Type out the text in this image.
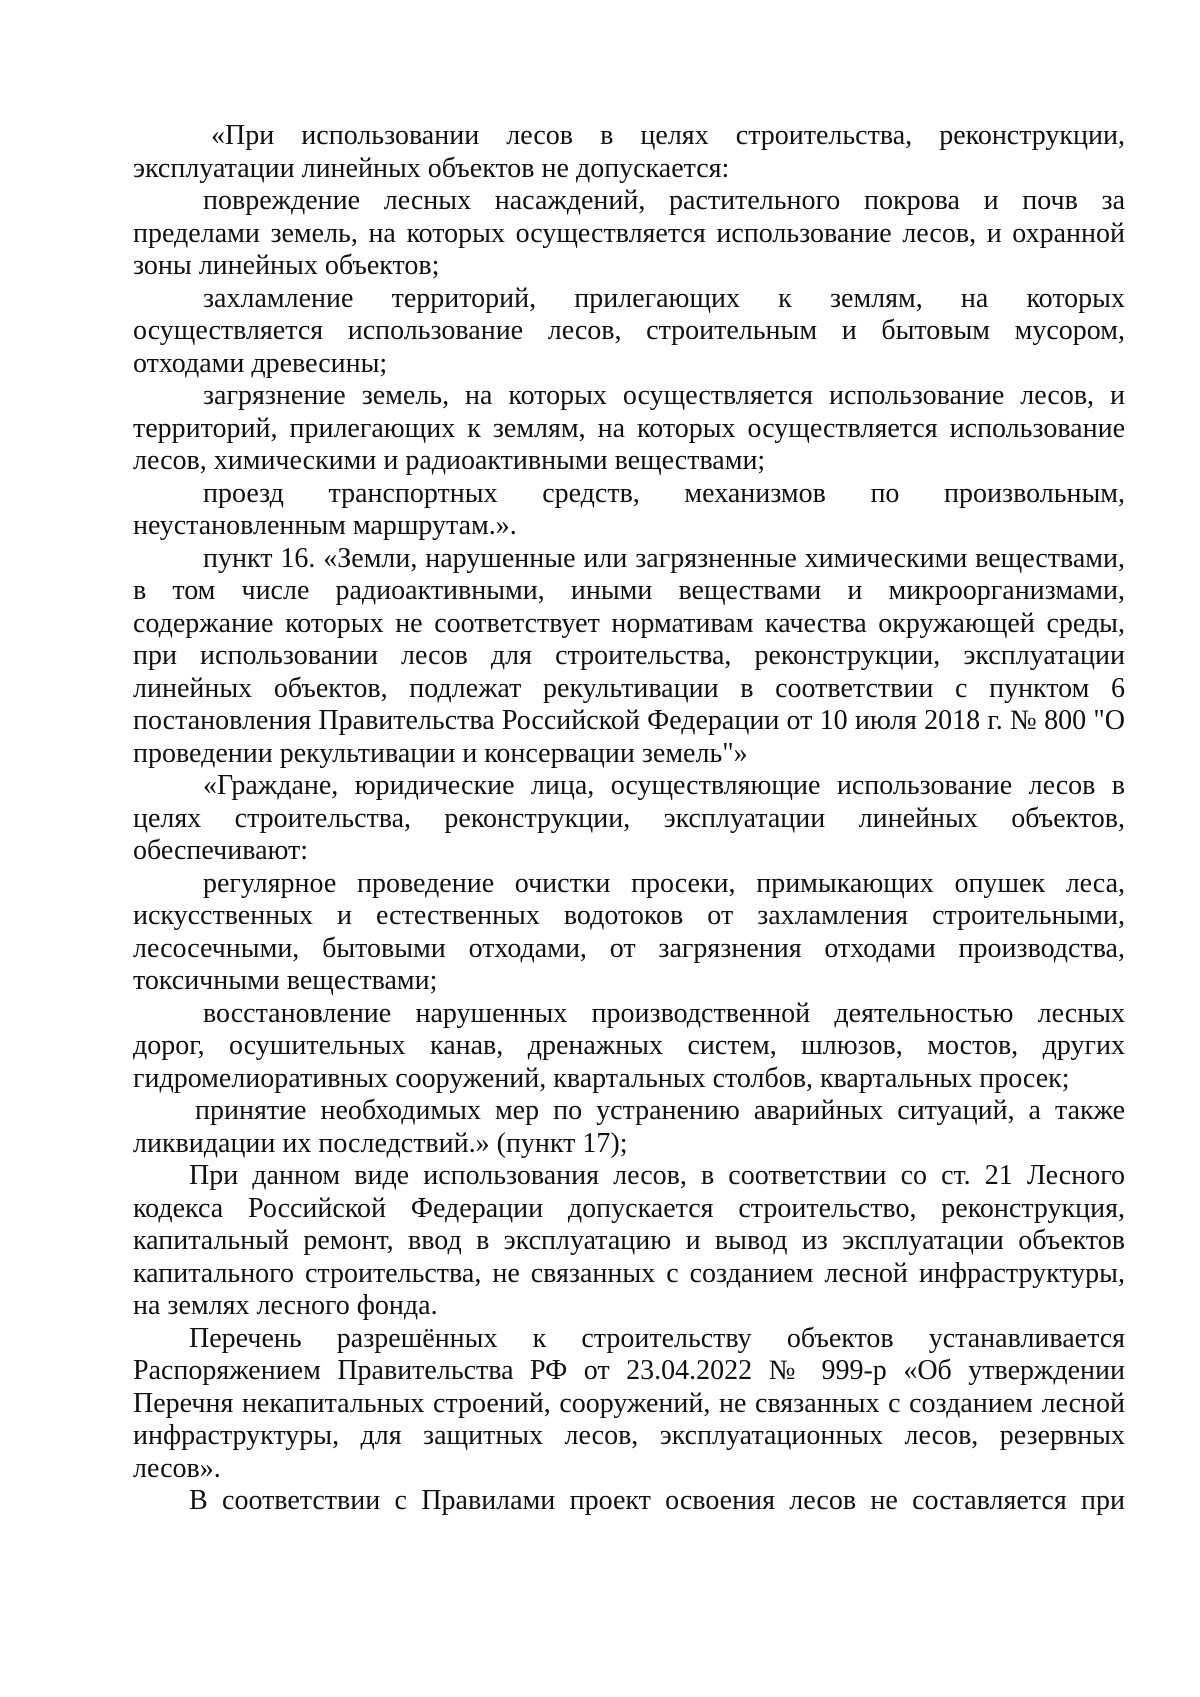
«При использовании лесов в целях строительства, реконструкции, эксплуатации линейных объектов не допускается:

повреждение лесных насаждений, растительного покрова и почв за пределами земель, на которых осуществляется использование лесов, и охранной зоны линейных объектов;

захламление территорий, прилегающих к землям, на которых осуществляется использование лесов, строительным и бытовым мусором, отходами древесины;

загрязнение земель, на которых осуществляется использование лесов, и территорий, прилегающих к землям, на которых осуществляется использование лесов, химическими и радиоактивными веществами;

проезд транспортных средств, механизмов по произвольным, неустановленным маршрутам.».

пункт 16. «Земли, нарушенные или загрязненные химическими веществами, в том числе радиоактивными, иными веществами и микроорганизмами, содержание которых не соответствует нормативам качества окружающей среды, при использовании лесов для строительства, реконструкции, эксплуатации линейных объектов, подлежат рекультивации в соответствии с пунктом 6 постановления Правительства Российской Федерации от 10 июля 2018 г. № 800 "О проведении рекультивации и консервации земель"»

«Граждане, юридические лица, осуществляющие использование лесов в целях строительства, реконструкции, эксплуатации линейных объектов, обеспечивают:

регулярное проведение очистки просеки, примыкающих опушек леса, искусственных и естественных водотоков от захламления строительными, лесосечными, бытовыми отходами, от загрязнения отходами производства, токсичными веществами;

восстановление нарушенных производственной деятельностью лесных дорог, осушительных канав, дренажных систем, шлюзов, мостов, других гидромелиоративных сооружений, квартальных столбов, квартальных просек;

принятие необходимых мер по устранению аварийных ситуаций, а также ликвидации их последствий.» (пункт 17);

При данном виде использования лесов, в соответствии со ст. 21 Лесного кодекса Российской Федерации допускается строительство, реконструкция, капитальный ремонт, ввод в эксплуатацию и вывод из эксплуатации объектов капитального строительства, не связанных с созданием лесной инфраструктуры, на землях лесного фонда.

Перечень разрешённых к строительству объектов устанавливается Распоряжением Правительства РФ от 23.04.2022 № 999-р «Об утверждении Перечня некапитальных строений, сооружений, не связанных с созданием лесной инфраструктуры, для защитных лесов, эксплуатационных лесов, резервных лесов».

В соответствии с Правилами проект освоения лесов не составляется при
